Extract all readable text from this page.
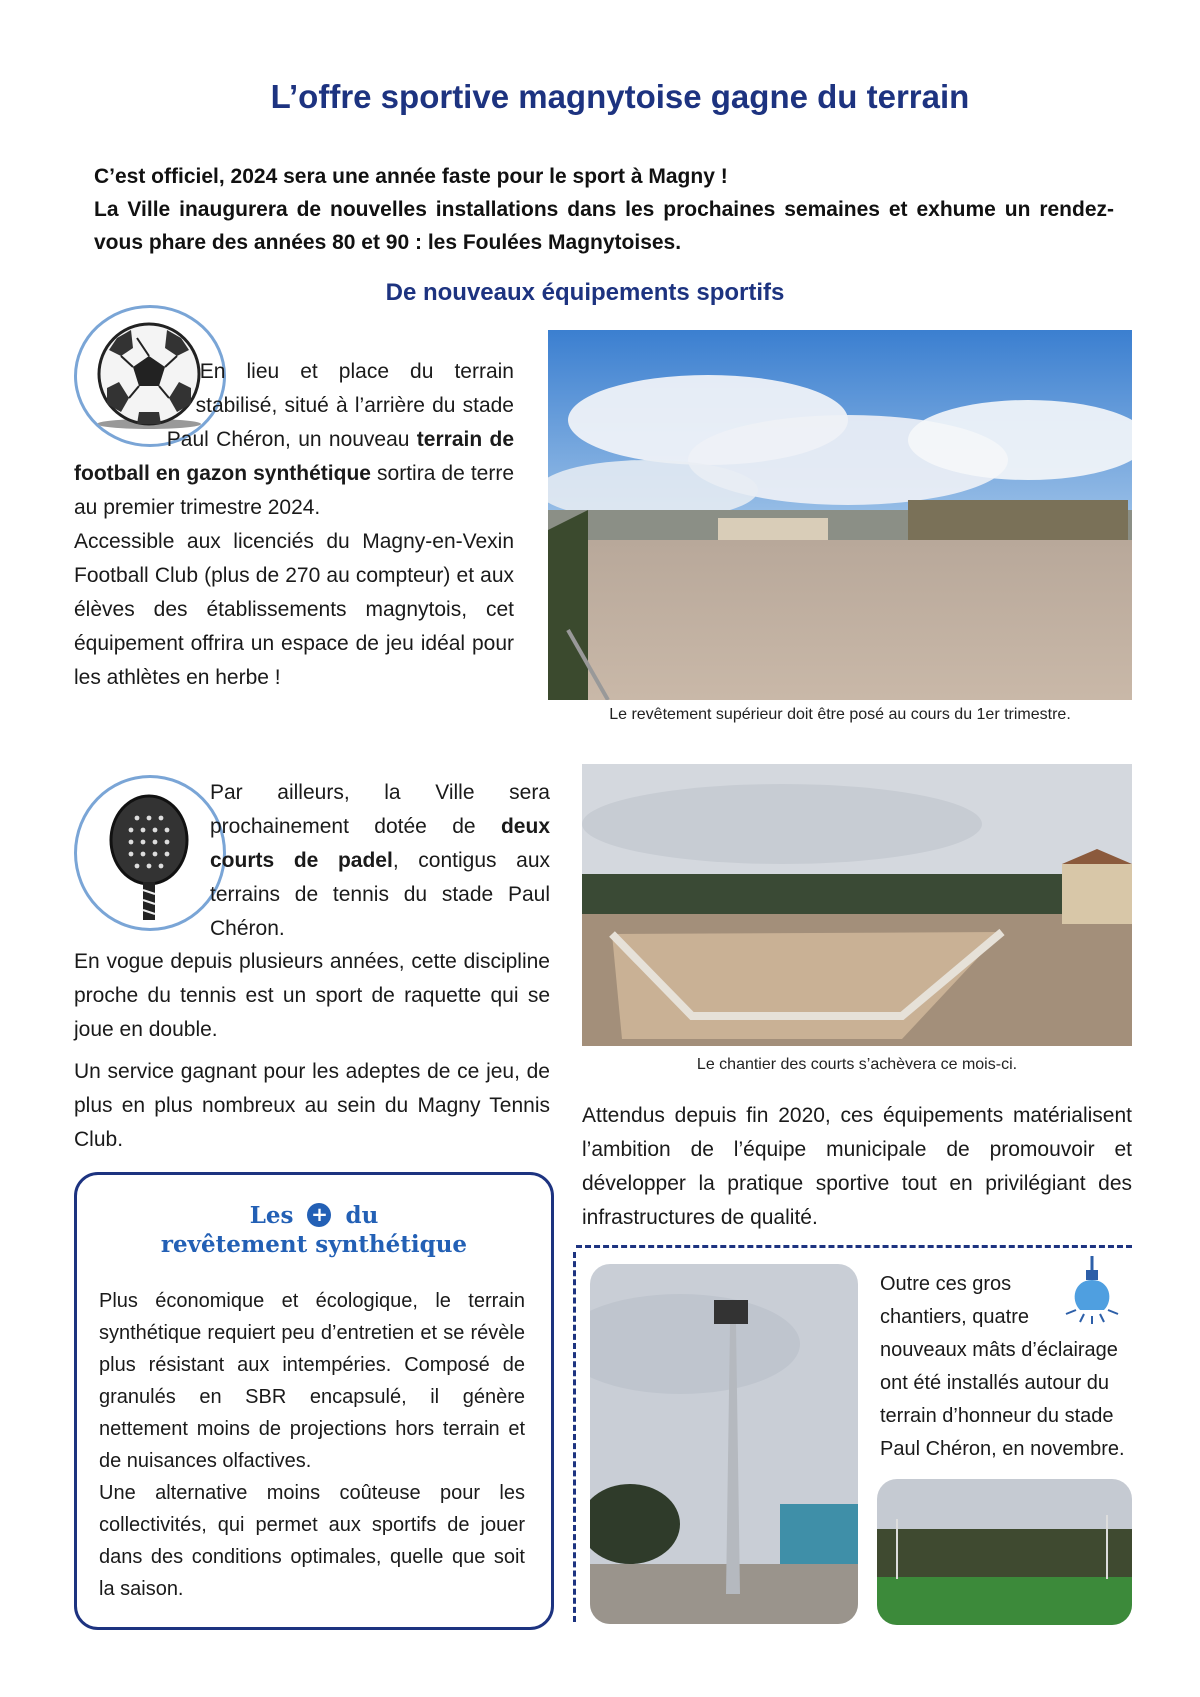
L’offre sportive magnytoise gagne du terrain

C’est officiel, 2024 sera une année faste pour le sport à Magny !

La Ville inaugurera de nouvelles installations dans les prochaines semaines et exhume un rendez-vous phare des années 80 et 90 : les Foulées Magnytoises.

De nouveaux équipements sportifs

En lieu et place du terrain stabilisé, situé à l’arrière du stade Paul Chéron, un nouveau terrain de football en gazon synthétique sortira de terre au premier trimestre 2024.

Accessible aux licenciés du Magny-en-Vexin Football Club (plus de 270 au compteur) et aux élèves des établissements magnytois, cet équipement offrira un espace de jeu idéal pour les athlètes en herbe !

Le revêtement supérieur doit être posé au cours du 1er trimestre.

Par ailleurs, la Ville sera prochainement dotée de deux courts de padel, contigus aux terrains de tennis du stade Paul Chéron.

En vogue depuis plusieurs années, cette discipline proche du tennis est un sport de raquette qui se joue en double.

Un service gagnant pour les adeptes de ce jeu, de plus en plus nombreux au sein du Magny Tennis Club.

Le chantier des courts s’achèvera ce mois-ci.

Attendus depuis fin 2020, ces équipements matérialisent l’ambition de l’équipe municipale de promouvoir et développer la pratique sportive tout en privilégiant des infrastructures de qualité.

Les + du
revêtement synthétique

Plus économique et écologique, le terrain synthétique requiert peu d’entretien et se révèle plus résistant aux intempéries. Composé de granulés en SBR encapsulé, il génère nettement moins de projections hors terrain et de nuisances olfactives.

Une alternative moins coûteuse pour les collectivités, qui permet aux sportifs de jouer dans des conditions optimales, quelle que soit la saison.

Outre ces gros chantiers, quatre nouveaux mâts d’éclairage ont été installés autour du terrain d’honneur du stade Paul Chéron, en novembre.
